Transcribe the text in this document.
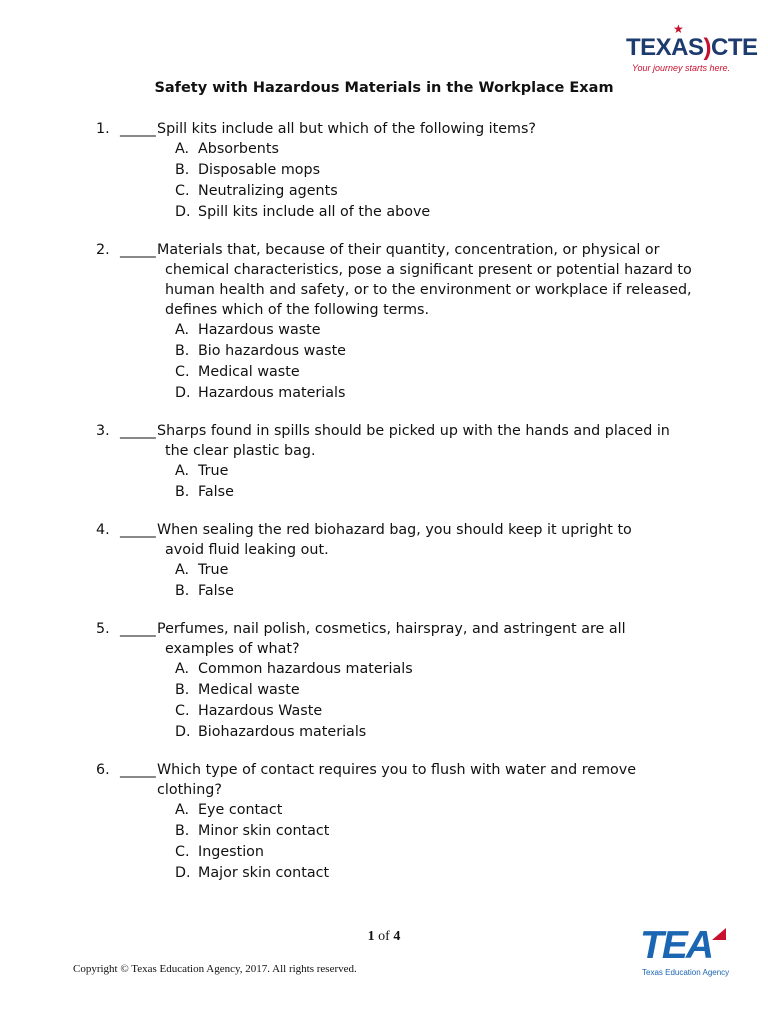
★
TEXAS)CTE
Your journey starts here.
Safety with Hazardous Materials in the Workplace Exam
1. _____ Spill kits include all but which of the following items?
A. Absorbents
B. Disposable mops
C. Neutralizing agents
D. Spill kits include all of the above
2. _____ Materials that, because of their quantity, concentration, or physical or
chemical characteristics, pose a significant present or potential hazard to
human health and safety, or to the environment or workplace if released,
defines which of the following terms.
A. Hazardous waste
B. Bio hazardous waste
C. Medical waste
D. Hazardous materials
3. _____ Sharps found in spills should be picked up with the hands and placed in
the clear plastic bag.
A. True
B. False
4. _____ When sealing the red biohazard bag, you should keep it upright to
avoid fluid leaking out.
A. True
B. False
5. _____ Perfumes, nail polish, cosmetics, hairspray, and astringent are all
examples of what?
A. Common hazardous materials
B. Medical waste
C. Hazardous Waste
D. Biohazardous materials
6. _____ Which type of contact requires you to flush with water and remove clothing?
A. Eye contact
B. Minor skin contact
C. Ingestion
D. Major skin contact
1 of 4
Copyright © Texas Education Agency, 2017. All rights reserved.
TEA
Texas Education Agency
